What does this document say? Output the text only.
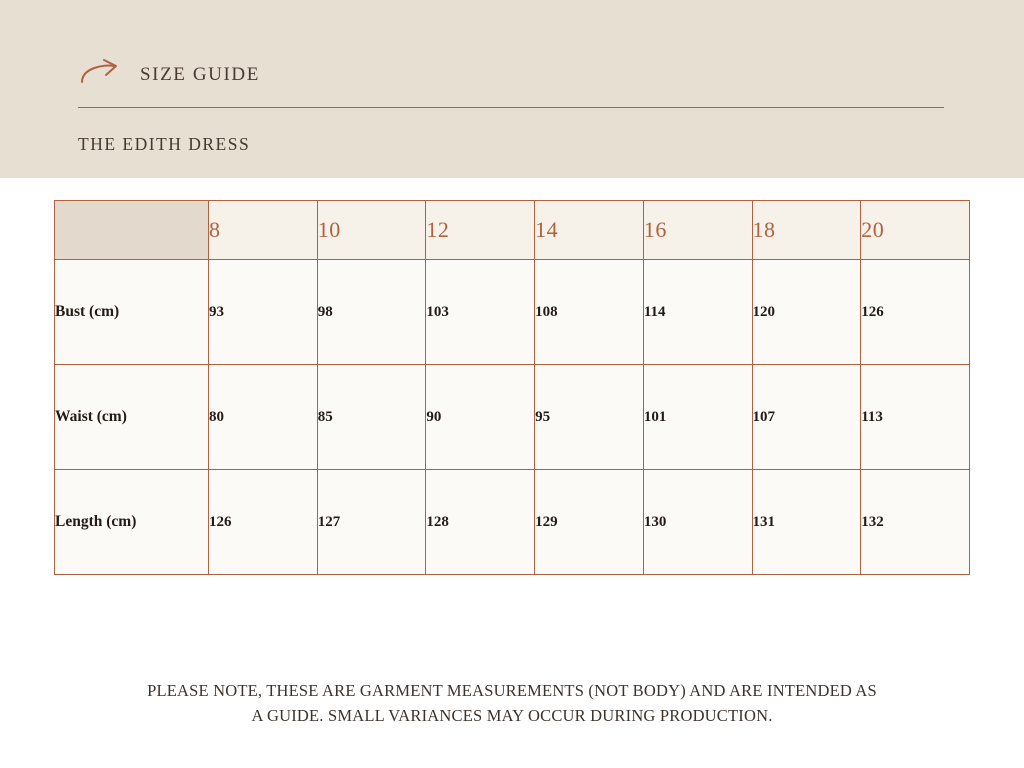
SIZE GUIDE
THE EDITH DRESS
	8	10	12	14	16	18	20
Bust (cm)	93	98	103	108	114	120	126
Waist (cm)	80	85	90	95	101	107	113
Length (cm)	126	127	128	129	130	131	132
PLEASE NOTE, THESE ARE GARMENT MEASUREMENTS (NOT BODY) AND ARE INTENDED AS
A GUIDE. SMALL VARIANCES MAY OCCUR DURING PRODUCTION.
